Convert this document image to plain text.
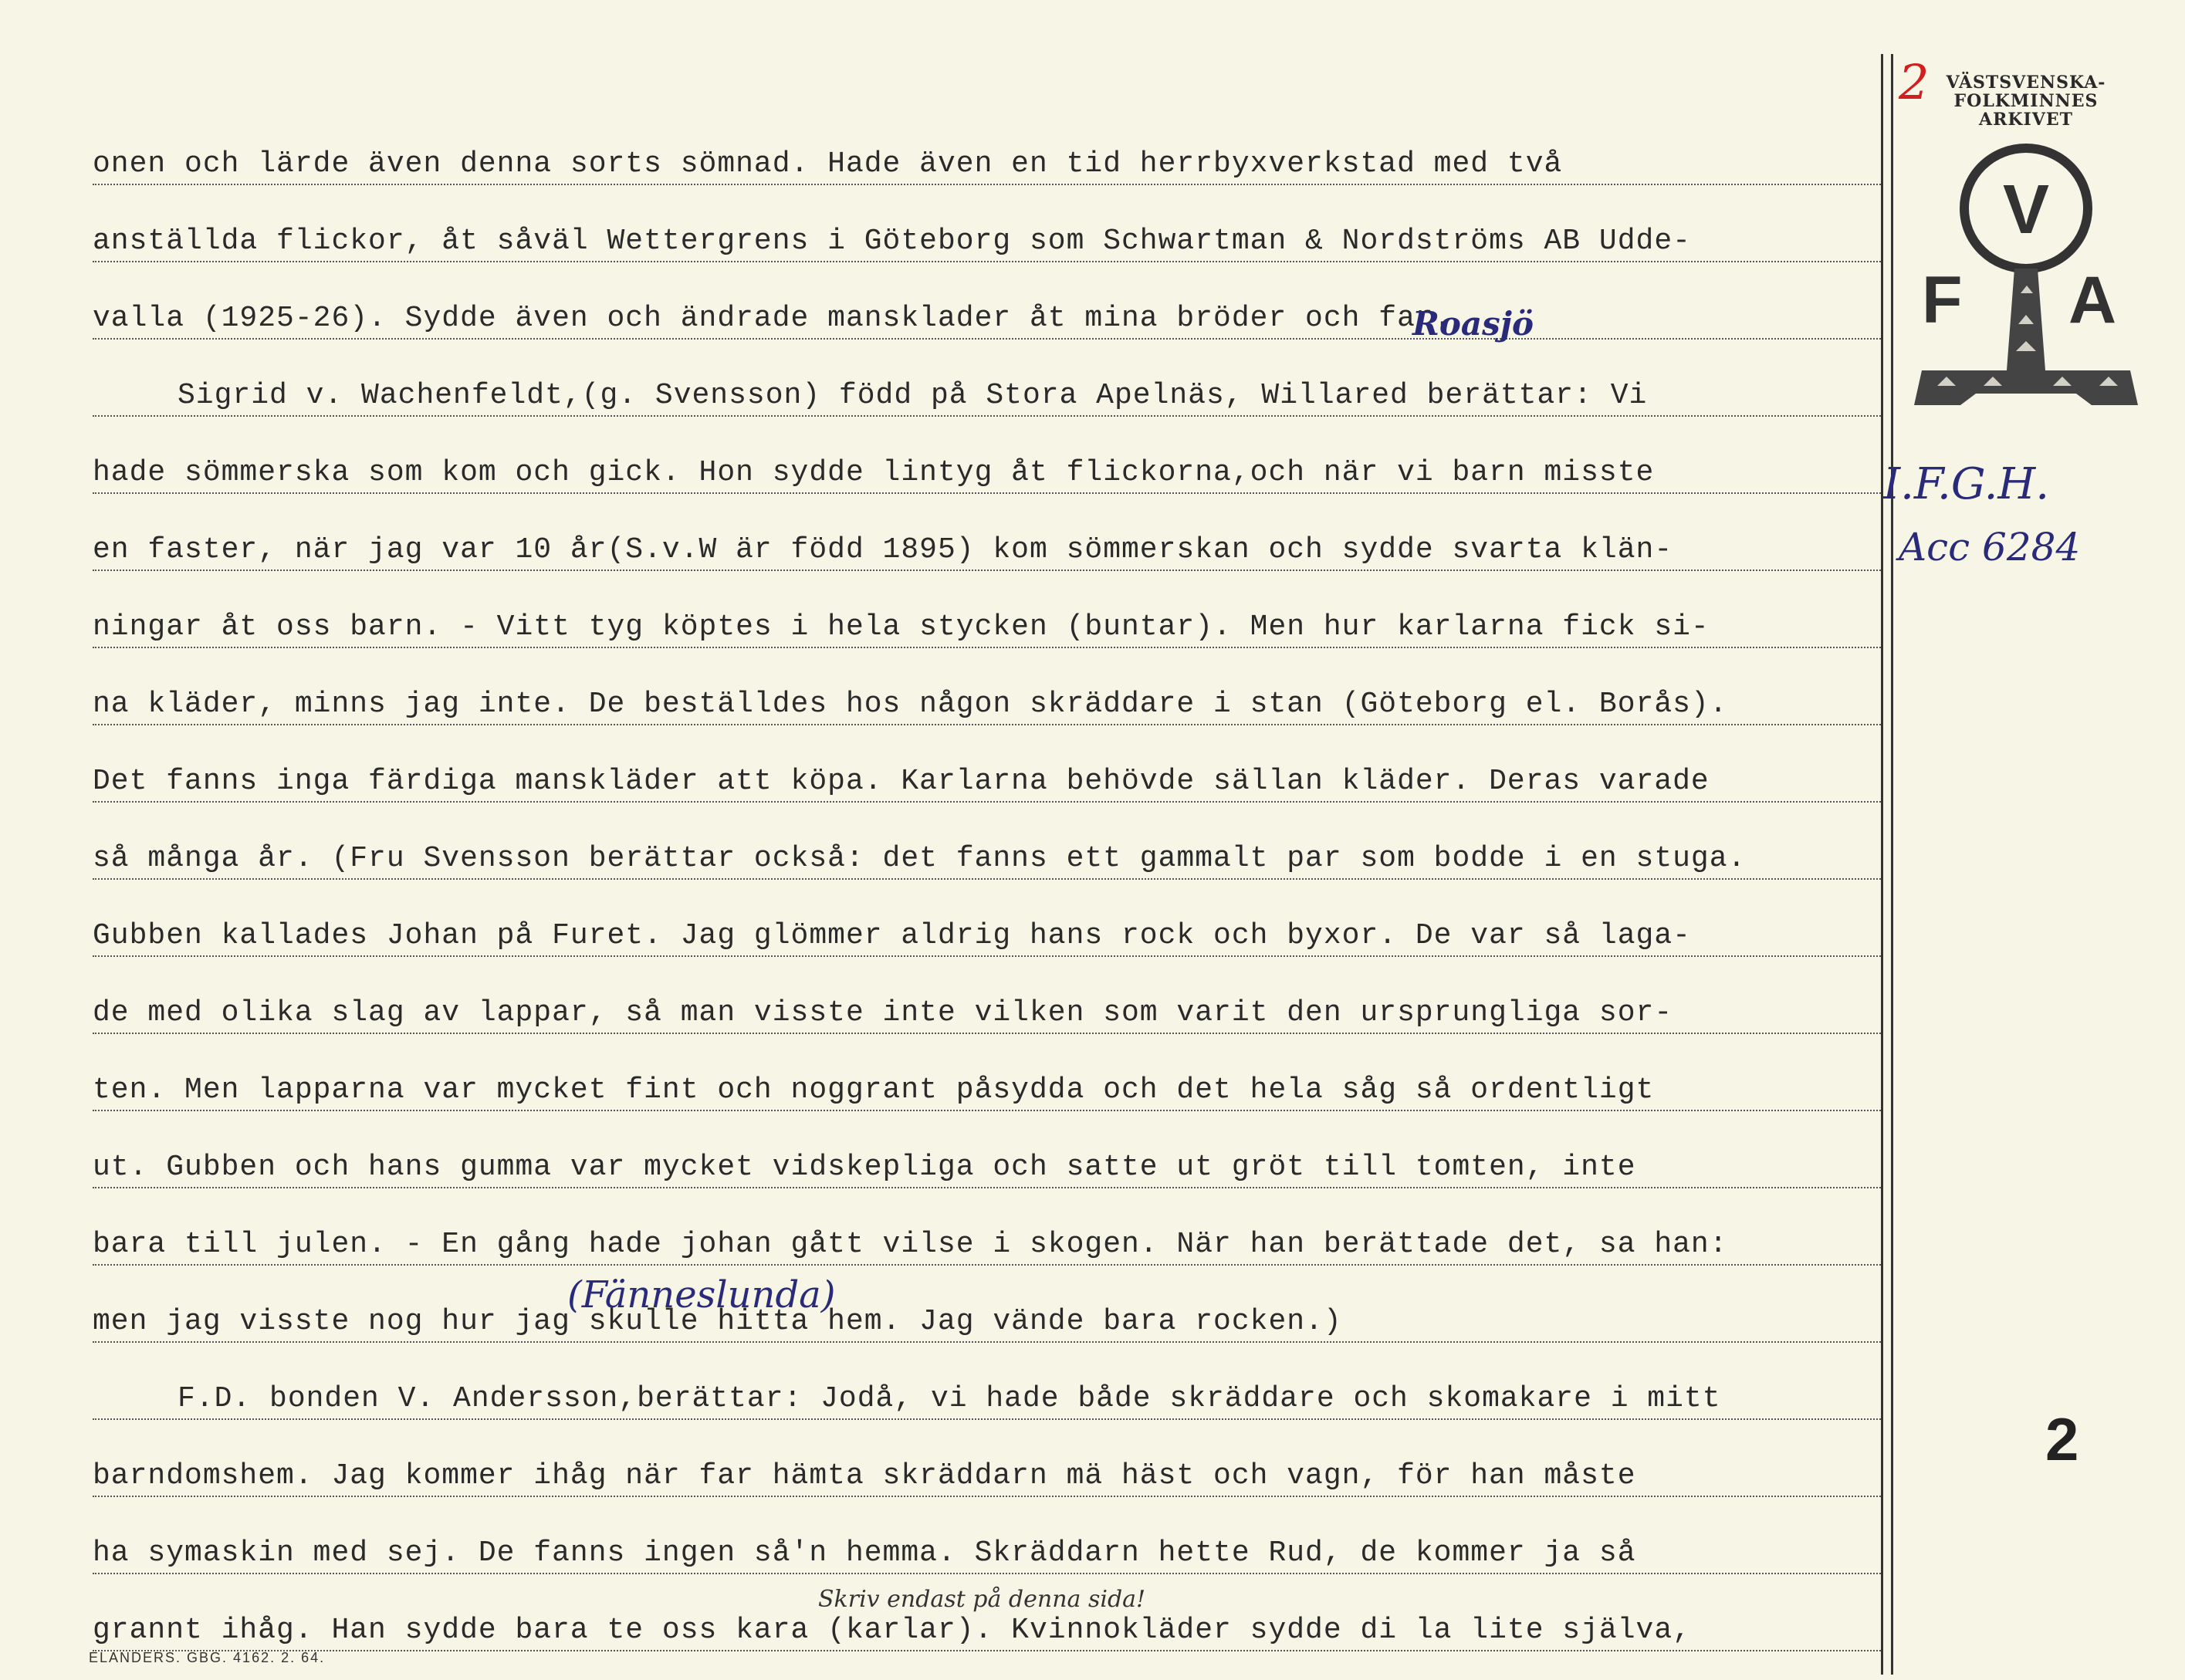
onen och lärde även denna sorts sömnad. Hade även en tid herrbyxverkstad med två
anställda flickor, åt såväl Wettergrens i Göteborg som Schwartman & Nordströms AB Udde-
valla (1925-26). Sydde även och ändrade mansklader åt mina bröder och far.
Sigrid v. Wachenfeldt,(g. Svensson) född på Stora Apelnäs, Willared berättar: Vi
hade sömmerska som kom och gick. Hon sydde lintyg åt flickorna,och när vi barn misste
en faster, när jag var 10 år(S.v.W är född 1895) kom sömmerskan och sydde svarta klän-
ningar åt oss barn. - Vitt tyg köptes i hela stycken (buntar). Men hur karlarna fick si-
na kläder, minns jag inte. De beställdes hos någon skräddare i stan (Göteborg el. Borås).
Det fanns inga färdiga manskläder att köpa. Karlarna behövde sällan kläder. Deras varade
så många år. (Fru Svensson berättar också: det fanns ett gammalt par som bodde i en stuga.
Gubben kallades Johan på Furet. Jag glömmer aldrig hans rock och byxor. De var så laga-
de med olika slag av lappar, så man visste inte vilken som varit den ursprungliga sor-
ten. Men lapparna var mycket fint och noggrant påsydda och det hela såg så ordentligt
ut. Gubben och hans gumma var mycket vidskepliga och satte ut gröt till tomten, inte
bara till julen. - En gång hade johan gått vilse i skogen. När han berättade det, sa han:
men jag visste nog hur jag skulle hitta hem. Jag vände bara rocken.)
F.D. bonden V. Andersson,berättar: Jodå, vi hade både skräddare och skomakare i mitt
barndomshem. Jag kommer ihåg när far hämta skräddarn mä häst och vagn, för han måste
ha symaskin med sej. De fanns ingen så'n hemma. Skräddarn hette Rud, de kommer ja så
grannt ihåg. Han sydde bara te oss kara (karlar). Kvinnokläder sydde di la lite själva,
Roasjö
(Fänneslunda)
2	VÄSTSVENSKA-
FOLKMINNES
ARKIVET
V
F A
I.F.G.H.
Acc 6284
2
Skriv endast på denna sida!
ELANDERS. GBG. 4162. 2. 64.
